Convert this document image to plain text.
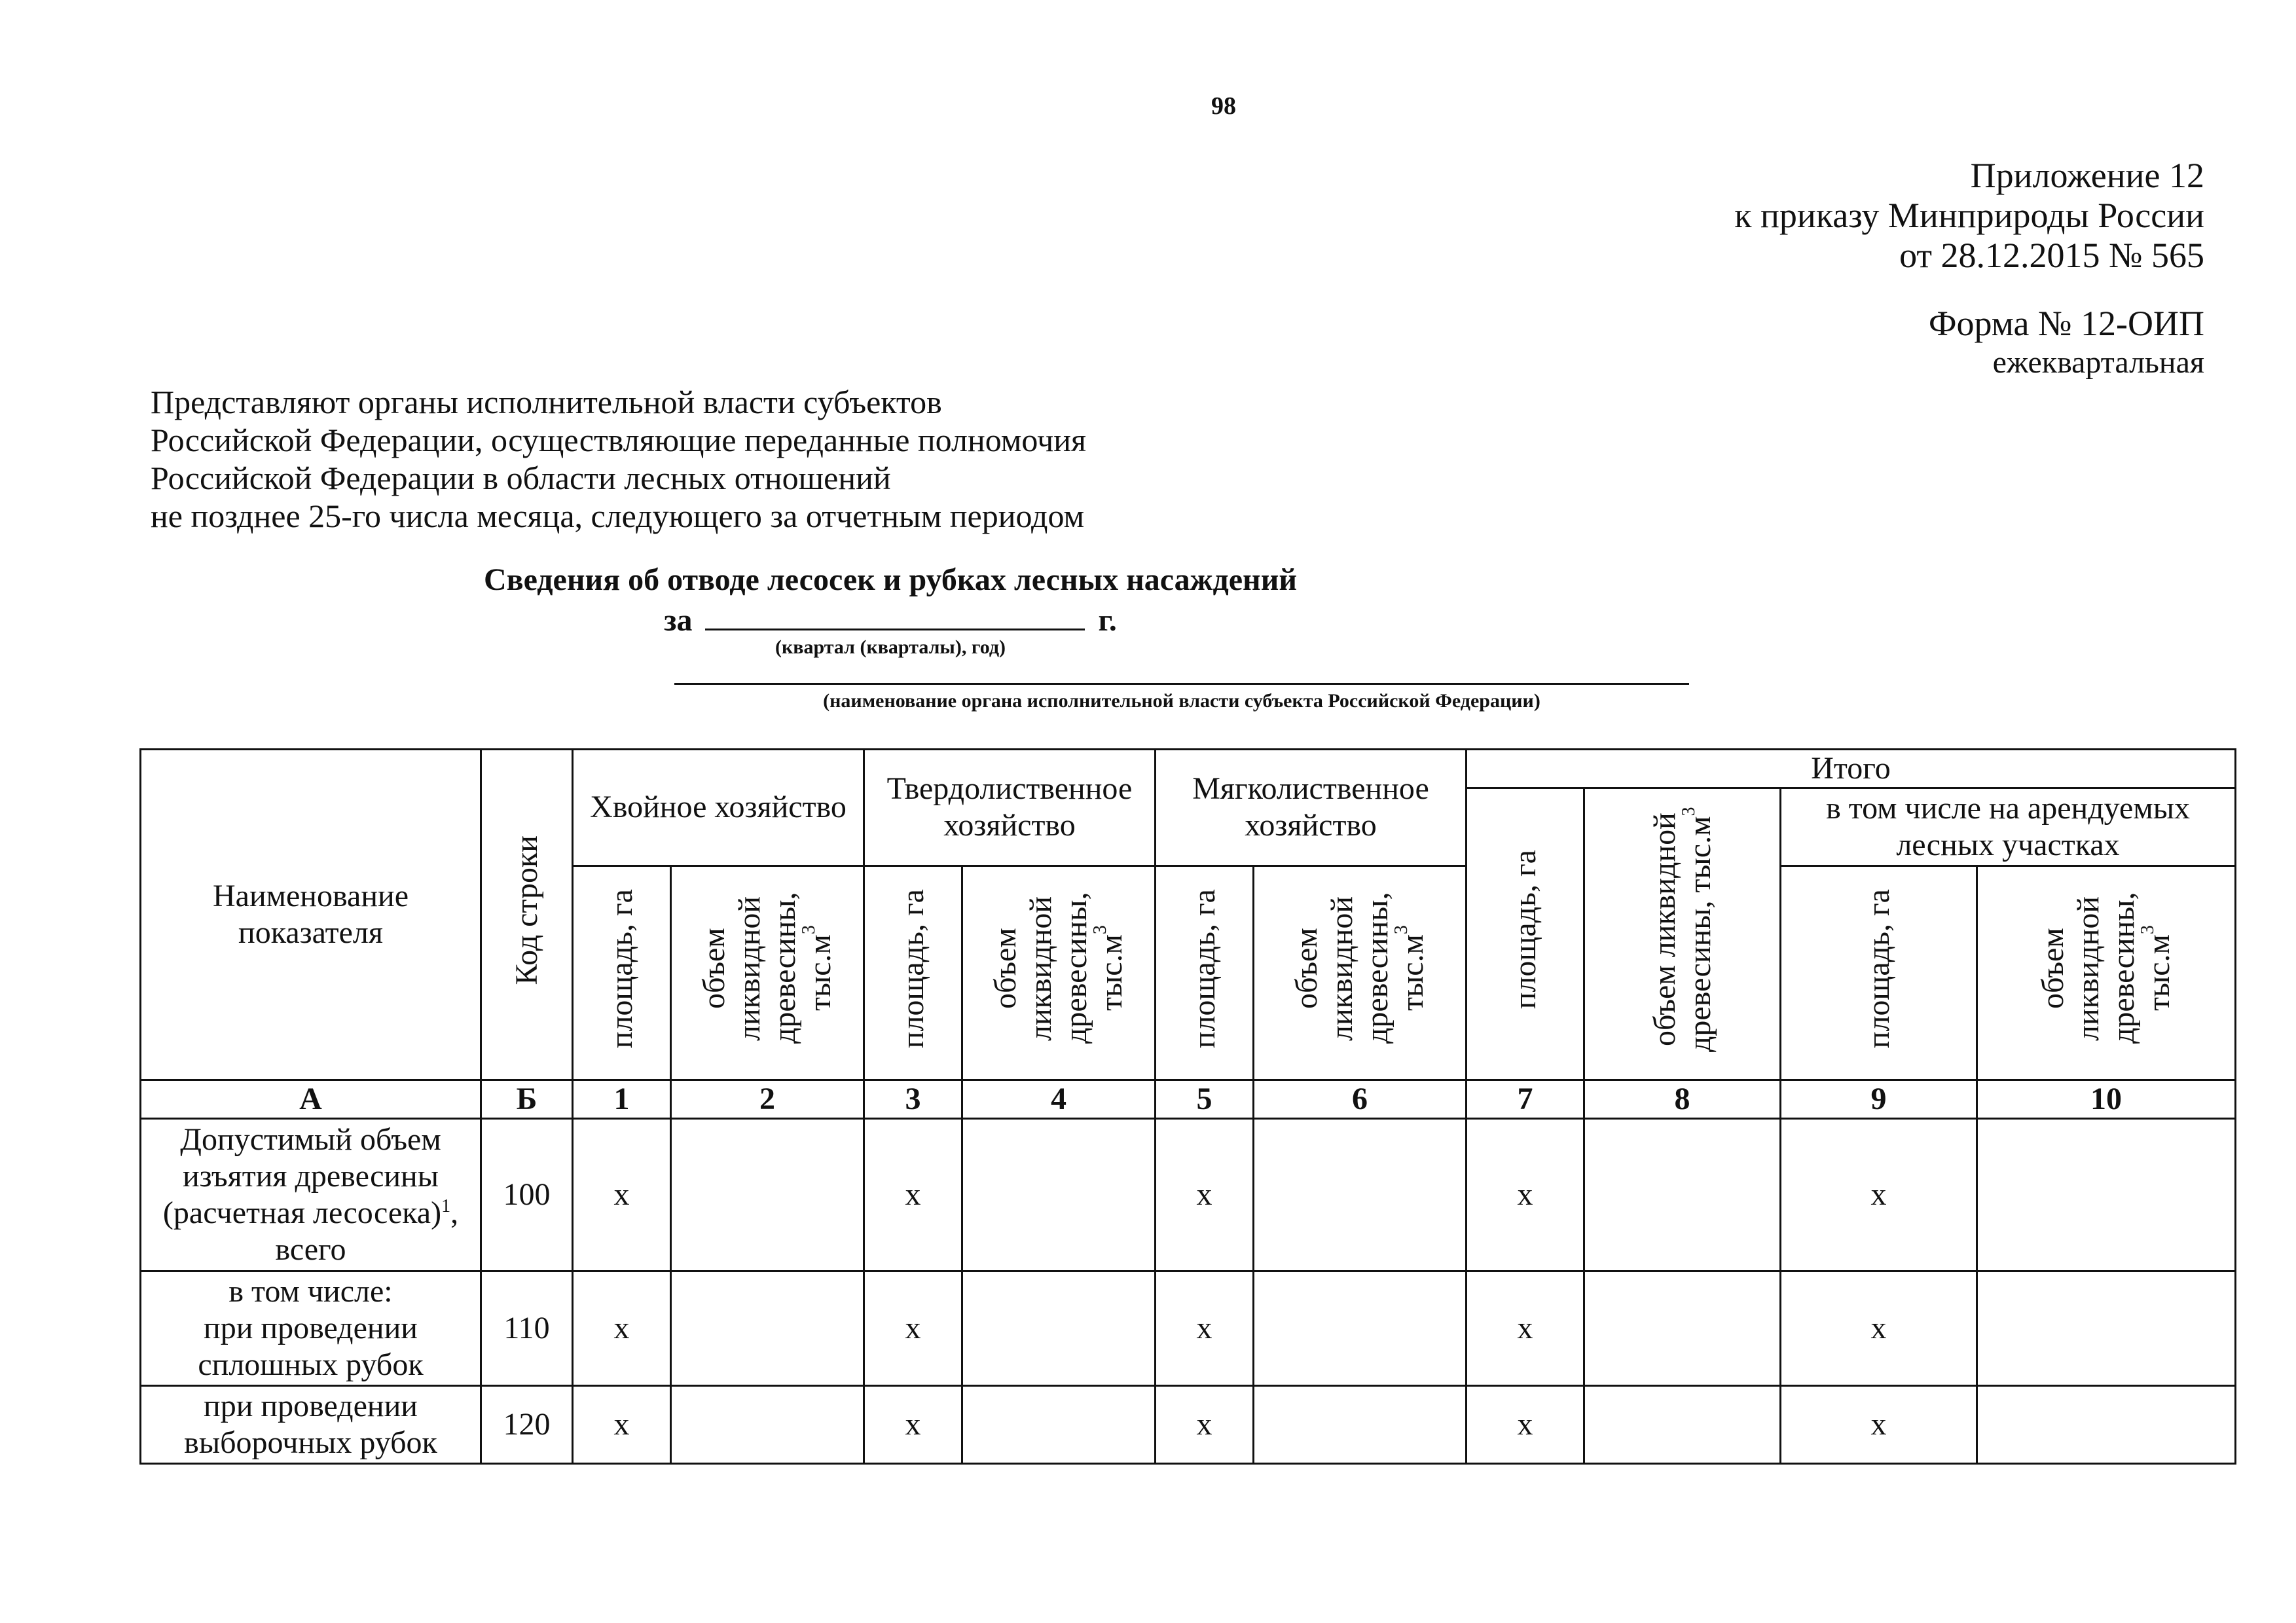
98
Приложение 12
к приказу Минприроды России
от 28.12.2015 № 565
Форма № 12-ОИП
ежеквартальная
Представляют органы исполнительной власти субъектов
Российской Федерации, осуществляющие переданные полномочия
Российской Федерации в области лесных отношений
не позднее 25-го числа месяца, следующего за отчетным периодом
Сведения об отводе лесосек и рубках лесных насаждений
за	г.
(квартал (кварталы), год)
(наименование органа исполнительной власти субъекта Российской Федерации)
Наименование показателя	Код строки	Хвойное хозяйство		Твердолиственное хозяйство		Мягколиственное хозяйство		Итого			
								площадь, га	объем ликвидной древесины, $тыс.м^3$	в том числе на арендуемых лесных участках	

		площадь, га	объем ликвидной древесины, $тыс.м^3$	площадь, га	объем ликвидной древесины, $тыс.м^3$	площадь, га	объем ликвидной древесины, $тыс.м^3$			площадь, га	объем ликвидной древесины, $тыс.м^3$
А	Б	1	2	3	4	5	6	7	8	9	10
Допустимый объем изъятия древесины (расчетная лесосека)$^1$, всего	100	х		х		х		х		х	

в том числе:
при проведении сплошных рубок	110	х		х		х		х		х	
при проведении выборочных рубок	120	х		х		х		х		х	
